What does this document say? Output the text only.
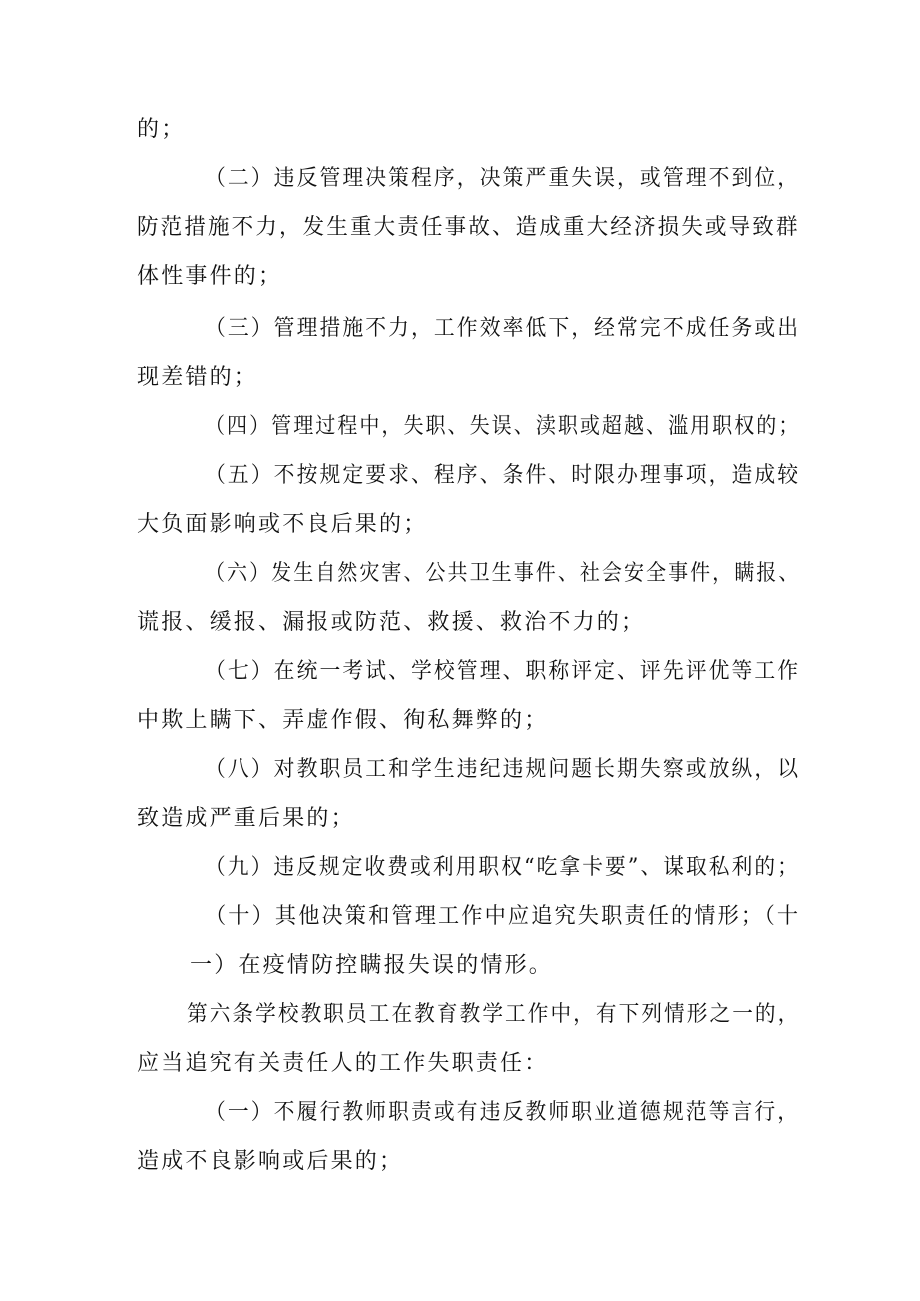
的；
（二）违反管理决策程序，决策严重失误，或管理不到位，
防范措施不力，发生重大责任事故、造成重大经济损失或导致群
体性事件的；
（三）管理措施不力，工作效率低下，经常完不成任务或出
现差错的；
（四）管理过程中，失职、失误、渎职或超越、滥用职权的；
（五）不按规定要求、程序、条件、时限办理事项，造成较
大负面影响或不良后果的；
（六）发生自然灾害、公共卫生事件、社会安全事件，瞒报、
谎报、缓报、漏报或防范、救援、救治不力的；
（七）在统一考试、学校管理、职称评定、评先评优等工作
中欺上瞒下、弄虚作假、徇私舞弊的；
（八）对教职员工和学生违纪违规问题长期失察或放纵，以
致造成严重后果的；
（九）违反规定收费或利用职权“吃拿卡要”、谋取私利的；
（十）其他决策和管理工作中应追究失职责任的情形；（十
一）在疫情防控瞒报失误的情形。
第六条学校教职员工在教育教学工作中，有下列情形之一的，
应当追究有关责任人的工作失职责任：
（一）不履行教师职责或有违反教师职业道德规范等言行，
造成不良影响或后果的；
